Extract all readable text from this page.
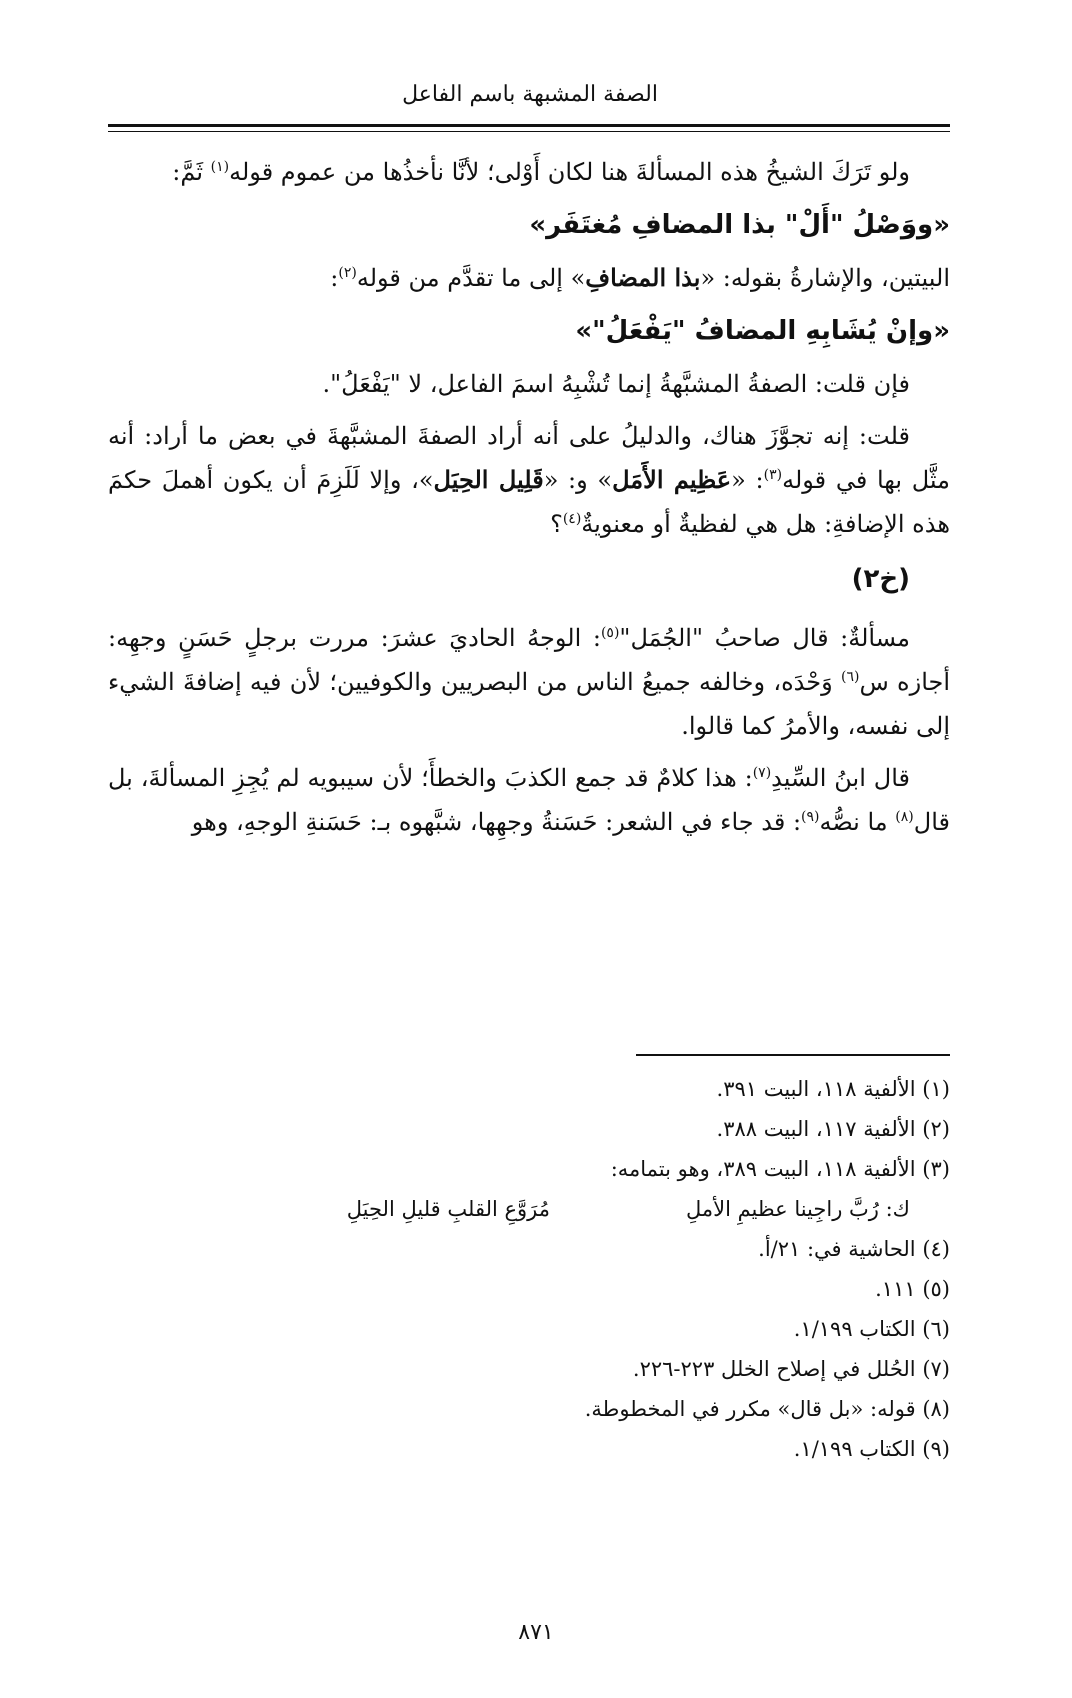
الصفة المشبهة باسم الفاعل

ولو تَرَكَ الشيخُ هذه المسألةَ هنا لكان أَوْلى؛ لأنَّا نأخذُها من عموم قوله$^{(١)}$ ثَمَّ:

«ووَصْلُ "أَلْ" بذا المضافِ مُغتَفَر»

البيتين، والإشارةُ بقوله: «بذا المضافِ» إلى ما تقدَّم من قوله$^{(٢)}$:

«وإنْ يُشَابِهِ المضافُ "يَفْعَلُ"»

فإن قلت: الصفةُ المشبَّهةُ إنما تُشْبِهُ اسمَ الفاعل، لا "يَفْعَلُ".

قلت: إنه تجوَّزَ هناك، والدليلُ على أنه أراد الصفةَ المشبَّهةَ في بعض ما أراد: أنه مثَّل بها في قوله$^{(٣)}$: «عَظِيم الأَمَل» و: «قَلِيل الحِيَل»، وإلا لَلَزِمَ أن يكون أهملَ حكمَ هذه الإضافةِ: هل هي لفظيةٌ أو معنويةٌ$^{(٤)}$؟

(خ٢)

مسألةٌ: قال صاحبُ "الجُمَل"$^{(٥)}$: الوجهُ الحاديَ عشرَ: مررت برجلٍ حَسَنٍ وجهِه: أجازه س$^{(٦)}$ وَحْدَه، وخالفه جميعُ الناس من البصريين والكوفيين؛ لأن فيه إضافةَ الشيء إلى نفسه، والأمرُ كما قالوا.

قال ابنُ السِّيدِ$^{(٧)}$: هذا كلامٌ قد جمع الكذبَ والخطأَ؛ لأن سيبويه لم يُجِزِ المسألةَ، بل قال$^{(٨)}$ ما نصُّه$^{(٩)}$: قد جاء في الشعر: حَسَنةُ وجهِها، شبَّهوه بـ: حَسَنةِ الوجهِ، وهو

(١) الألفية ١١٨، البيت ٣٩١.
(٢) الألفية ١١٧، البيت ٣٨٨.
(٣) الألفية ١١٨، البيت ٣٨٩، وهو بتمامه:
ك: رُبَّ راجِينا عظيمِ الأملِ
مُرَوَّعِ القلبِ قليلِ الحِيَلِ
(٤) الحاشية في: ٢١/أ.
(٥) ١١١.
(٦) الكتاب ١/١٩٩.
(٧) الحُلل في إصلاح الخلل ٢٢٣-٢٢٦.
(٨) قوله: «بل قال» مكرر في المخطوطة.
(٩) الكتاب ١/١٩٩.
٨٧١
